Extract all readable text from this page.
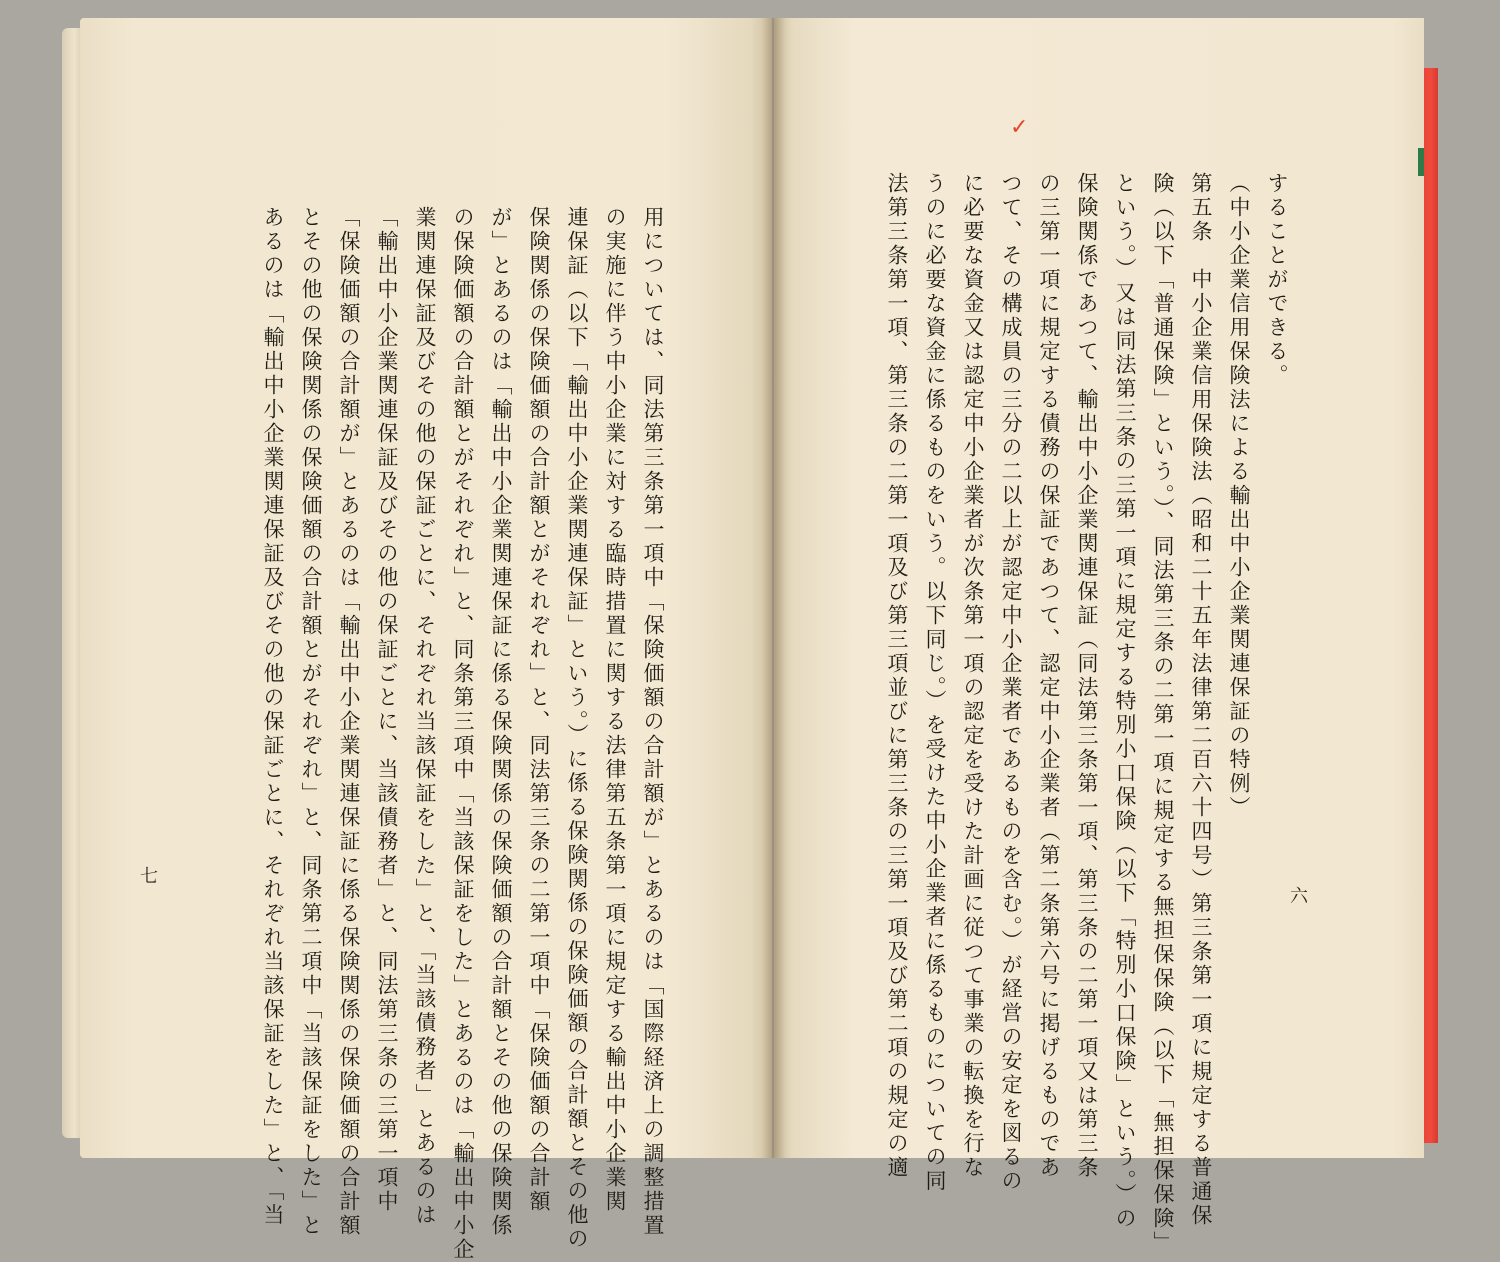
用については、同法第三条第一項中「保険価額の合計額が」とあるのは「国際経済上の調整措置
の実施に伴う中小企業に対する臨時措置に関する法律第五条第一項に規定する輸出中小企業関
連保証（以下「輸出中小企業関連保証」という。）に係る保険関係の保険価額の合計額とその他の
保険関係の保険価額の合計額とがそれぞれ」と、同法第三条の二第一項中「保険価額の合計額
が」とあるのは「輸出中小企業関連保証に係る保険関係の保険価額の合計額とその他の保険関係
の保険価額の合計額とがそれぞれ」と、同条第三項中「当該保証をした」とあるのは「輸出中小企
業関連保証及びその他の保証ごとに、それぞれ当該保証をした」と、「当該債務者」とあるのは
「輸出中小企業関連保証及びその他の保証ごとに、当該債務者」と、同法第三条の三第一項中
「保険価額の合計額が」とあるのは「輸出中小企業関連保証に係る保険関係の保険価額の合計額
とその他の保険関係の保険価額の合計額とがそれぞれ」と、同条第二項中「当該保証をした」と
あるのは「輸出中小企業関連保証及びその他の保証ごとに、それぞれ当該保証をした」と、「当	することができる。
（中小企業信用保険法による輸出中小企業関連保証の特例）
第五条　中小企業信用保険法（昭和二十五年法律第二百六十四号）第三条第一項に規定する普通保
険（以下「普通保険」という。）、同法第三条の二第一項に規定する無担保保険（以下「無担保保険」
という。）又は同法第三条の三第一項に規定する特別小口保険（以下「特別小口保険」という。）の
保険関係であつて、輸出中小企業関連保証（同法第三条第一項、第三条の二第一項又は第三条
の三第一項に規定する債務の保証であつて、認定中小企業者（第二条第六号に掲げるものであ
つて、その構成員の三分の二以上が認定中小企業者であるものを含む。）が経営の安定を図るの
に必要な資金又は認定中小企業者が次条第一項の認定を受けた計画に従つて事業の転換を行な
うのに必要な資金に係るものをいう。以下同じ。）を受けた中小企業者に係るものについての同
法第三条第一項、第三条の二第一項及び第三項並びに第三条の三第一項及び第二項の規定の適
七
六
✓
